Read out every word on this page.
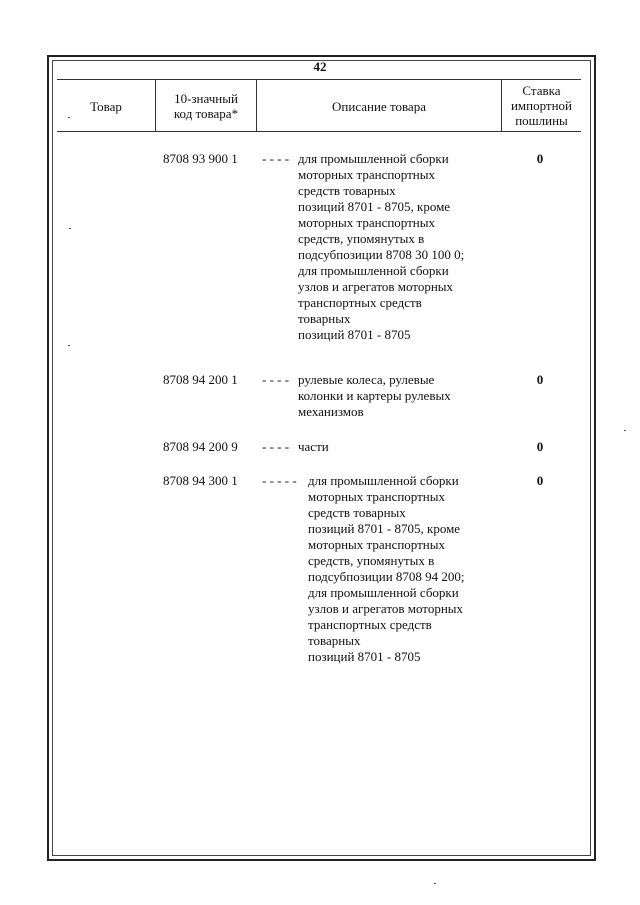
42
Товар
10-значный
код товара*	Описание товара
Ставка
импортной
пошлины
8708 93 900 1 - - - - для промышленной сборки
моторных транспортных
средств товарных
позиций 8701 - 8705, кроме
моторных транспортных
средств, упомянутых в
подсубпозиции 8708 30 100 0;
для промышленной сборки
узлов и агрегатов моторных
транспортных средств
товарных
позиций 8701 - 8705
0
8708 94 200 1 - - - - рулевые колеса, рулевые
колонки и картеры рулевых
механизмов
0
8708 94 200 9 - - - - части	0
8708 94 300 1 - - - - - для промышленной сборки
моторных транспортных
средств товарных
позиций 8701 - 8705, кроме
моторных транспортных
средств, упомянутых в
подсубпозиции 8708 94 200;
для промышленной сборки
узлов и агрегатов моторных
транспортных средств
товарных
позиций 8701 - 8705
0
